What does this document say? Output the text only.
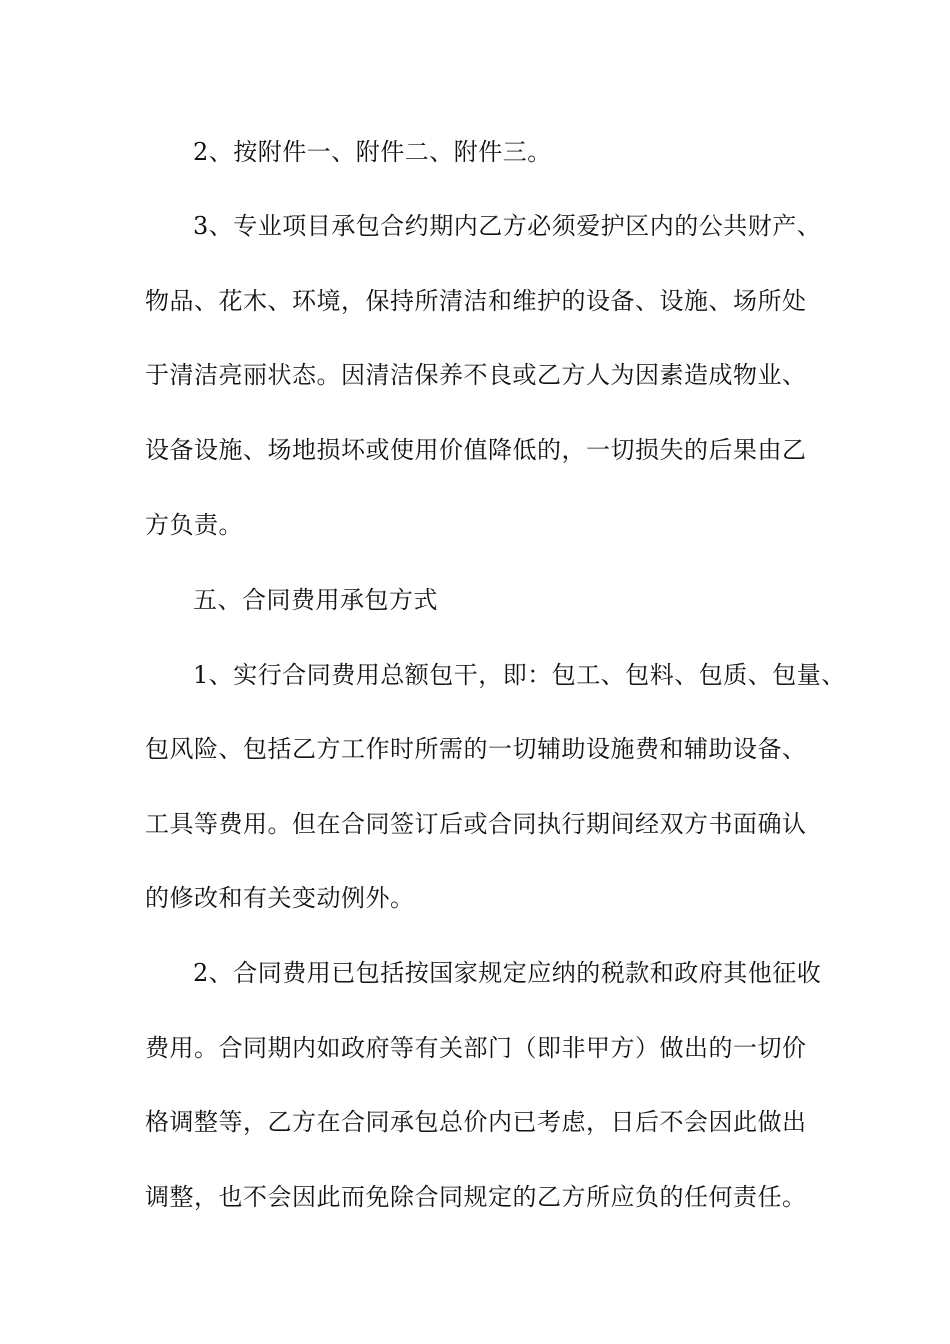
2、按附件一、附件二、附件三。
3、专业项目承包合约期内乙方必须爱护区内的公共财产、
物品、花木、环境，保持所清洁和维护的设备、设施、场所处
于清洁亮丽状态。因清洁保养不良或乙方人为因素造成物业、
设备设施、场地损坏或使用价值降低的，一切损失的后果由乙
方负责。
五、合同费用承包方式
1、实行合同费用总额包干，即：包工、包料、包质、包量、
包风险、包括乙方工作时所需的一切辅助设施费和辅助设备、
工具等费用。但在合同签订后或合同执行期间经双方书面确认
的修改和有关变动例外。
2、合同费用已包括按国家规定应纳的税款和政府其他征收
费用。合同期内如政府等有关部门（即非甲方）做出的一切价
格调整等，乙方在合同承包总价内已考虑，日后不会因此做出
调整，也不会因此而免除合同规定的乙方所应负的任何责任。
